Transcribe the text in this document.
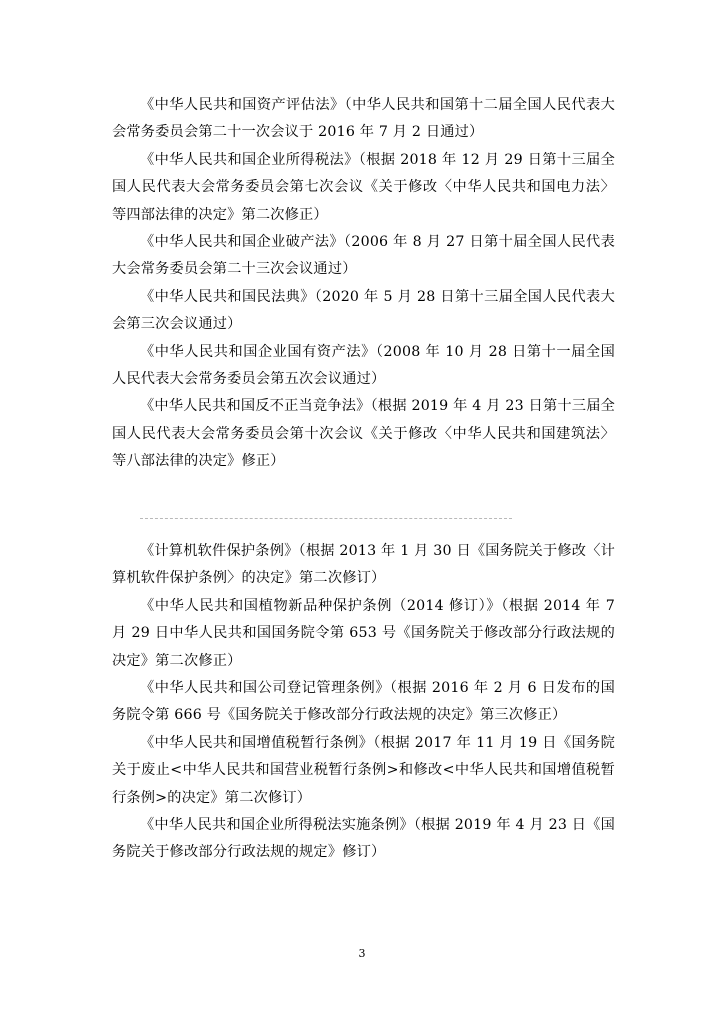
《中华人民共和国资产评估法》（中华人民共和国第十二届全国人民代表大会常务委员会第二十一次会议于 2016 年 7 月 2 日通过）

《中华人民共和国企业所得税法》（根据 2018 年 12 月 29 日第十三届全国人民代表大会常务委员会第七次会议《关于修改〈中华人民共和国电力法〉等四部法律的决定》第二次修正）

《中华人民共和国企业破产法》（2006 年 8 月 27 日第十届全国人民代表大会常务委员会第二十三次会议通过）

《中华人民共和国民法典》（2020 年 5 月 28 日第十三届全国人民代表大会第三次会议通过）

《中华人民共和国企业国有资产法》（2008 年 10 月 28 日第十一届全国人民代表大会常务委员会第五次会议通过）

《中华人民共和国反不正当竞争法》（根据 2019 年 4 月 23 日第十三届全国人民代表大会常务委员会第十次会议《关于修改〈中华人民共和国建筑法〉等八部法律的决定》修正）

《计算机软件保护条例》（根据 2013 年 1 月 30 日《国务院关于修改〈计算机软件保护条例〉的决定》第二次修订）

《中华人民共和国植物新品种保护条例（2014 修订）》（根据 2014 年 7 月 29 日中华人民共和国国务院令第 653 号《国务院关于修改部分行政法规的决定》第二次修正）

《中华人民共和国公司登记管理条例》（根据 2016 年 2 月 6 日发布的国务院令第 666 号《国务院关于修改部分行政法规的决定》第三次修正）

《中华人民共和国增值税暂行条例》（根据 2017 年 11 月 19 日《国务院关于废止<中华人民共和国营业税暂行条例>和修改<中华人民共和国增值税暂行条例>的决定》第二次修订）

《中华人民共和国企业所得税法实施条例》（根据 2019 年 4 月 23 日《国务院关于修改部分行政法规的规定》修订）

3
